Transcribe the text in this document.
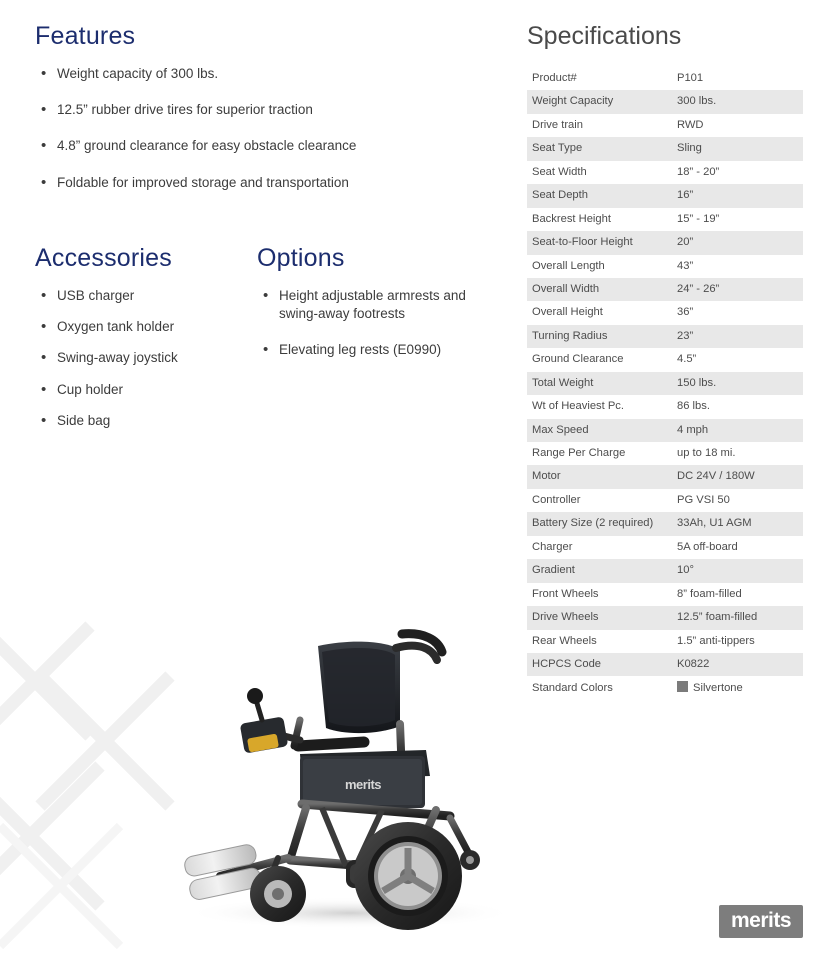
merits
Features
• Weight capacity of 300 lbs.
• 12.5” rubber drive tires for superior traction
• 4.8” ground clearance for easy obstacle clearance
• Foldable for improved storage and transportation
Accessories
• USB charger
• Oxygen tank holder
• Swing-away joystick
• Cup holder
• Side bag
Options
• Height adjustable armrests and swing-away footrests
• Elevating leg rests (E0990)
Specifications
Product#	P101
Weight Capacity	300 lbs.
Drive train	RWD
Seat Type	Sling
Seat Width	18” - 20”
Seat Depth	16”
Backrest Height	15” - 19”
Seat-to-Floor Height	20”
Overall Length	43”
Overall Width	24” - 26”
Overall Height	36”
Turning Radius	23”
Ground Clearance	4.5”
Total Weight	150 lbs.
Wt of Heaviest Pc.	86 lbs.
Max Speed	4 mph
Range Per Charge	up to 18 mi.
Motor	DC 24V / 180W
Controller	PG VSI 50
Battery Size (2 required)	33Ah, U1 AGM
Charger	5A off-board
Gradient	10°
Front Wheels	8” foam-filled
Drive Wheels	12.5” foam-filled
Rear Wheels	1.5” anti-tippers
HCPCS Code	K0822
Standard Colors	Silvertone
merits
